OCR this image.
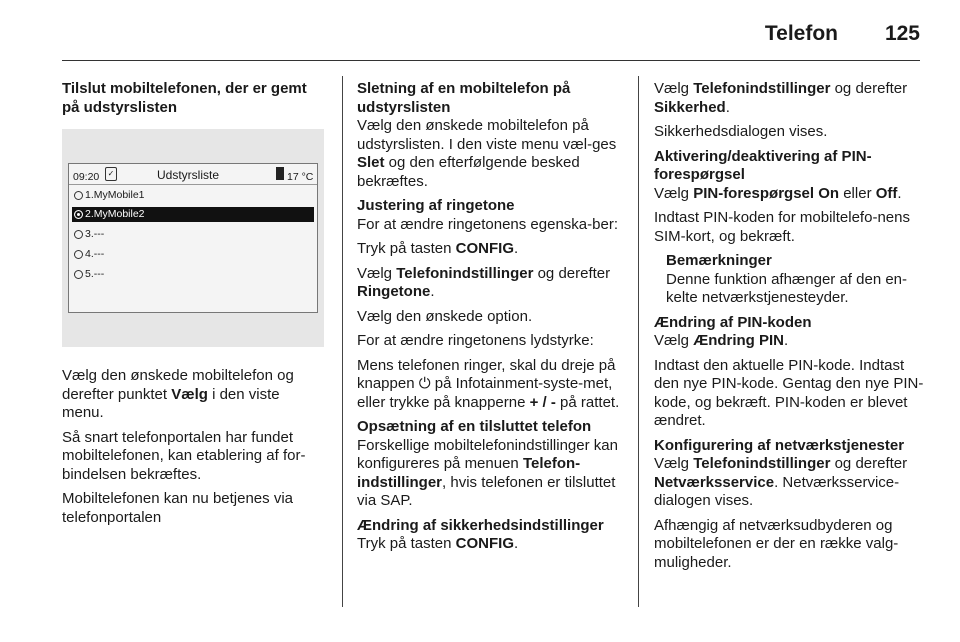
Telefon 125
Tilslut mobiltelefonen, der er gemt på udstyrslisten
09:20	✓	Udstyrsliste	17 °C
1.MyMobile1
2.MyMobile2
3.---
4.---
5.---

Vælg den ønskede mobiltelefon og derefter punktet Vælg i den viste menu.

Så snart telefonportalen har fundet mobiltelefonen, kan etablering af for-bindelsen bekræftes.

Mobiltelefonen kan nu betjenes via telefonportalen

Sletning af en mobiltelefon på udstyrslisten
Vælg den ønskede mobiltelefon på udstyrslisten. I den viste menu væl-ges Slet og den efterfølgende besked bekræftes.
Justering af ringetone
For at ændre ringetonens egenska-ber:

Tryk på tasten CONFIG.

Vælg Telefonindstillinger og derefter Ringetone.

Vælg den ønskede option.

For at ændre ringetonens lydstyrke:

Mens telefonen ringer, skal du dreje på knappen ⏻ på Infotainment-syste-met, eller trykke på knapperne + / - på rattet.

Opsætning af en tilsluttet telefon
Forskellige mobiltelefonindstillinger kan konfigureres på menuen Telefon-indstillinger, hvis telefonen er tilsluttet via SAP.
Ændring af sikkerhedsindstillinger
Tryk på tasten CONFIG.

Vælg Telefonindstillinger og derefter Sikkerhed.

Sikkerhedsdialogen vises.

Aktivering/deaktivering af PIN-forespørgsel
Vælg PIN-forespørgsel On eller Off.

Indtast PIN-koden for mobiltelefo-nens SIM-kort, og bekræft.

Bemærkninger
Denne funktion afhænger af den en-kelte netværkstjenesteyder.
Ændring af PIN-koden
Vælg Ændring PIN.

Indtast den aktuelle PIN-kode. Indtast den nye PIN-kode. Gentag den nye PIN-kode, og bekræft. PIN-koden er blevet ændret.

Konfigurering af netværkstjenester
Vælg Telefonindstillinger og derefter Netværksservice. Netværksservice-dialogen vises.

Afhængig af netværksudbyderen og mobiltelefonen er der en række valg-muligheder.
